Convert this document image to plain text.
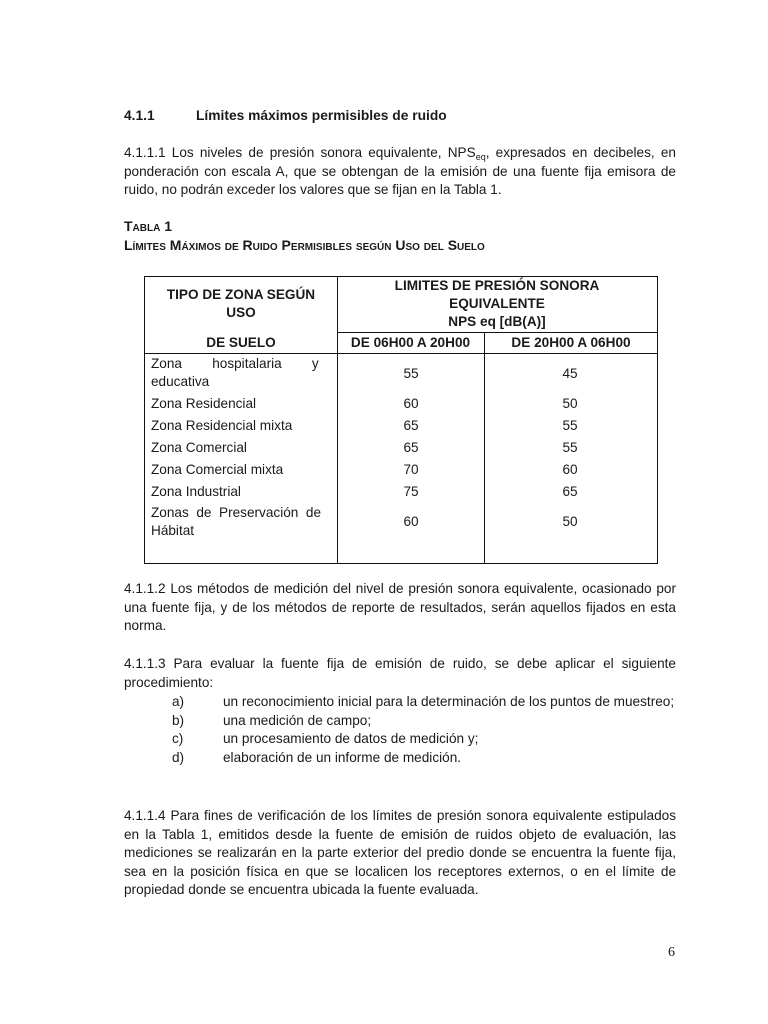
4.1.1	Límites máximos permisibles de ruido
4.1.1.1 Los niveles de presión sonora equivalente, $NPS_{eq}$, expresados en decibeles, en ponderación con escala A, que se obtengan de la emisión de una fuente fija emisora de ruido, no podrán exceder los valores que se fijan en la Tabla 1.
Tabla 1
Límites Máximos de Ruido Permisibles según Uso del Suelo
TIPO DE ZONA SEGÚN
USO
DE SUELO
LIMITES DE PRESIÓN SONORA
EQUIVALENTE
NPS eq [dB(A)]
DE 06H00 A 20H00	DE 20H00 A 06H00
Zona        hospitalaria        y
educativa
55	45
Zona Residencial	60	50
Zona Residencial mixta	65	55
Zona Comercial	65	55
Zona Comercial mixta	70	60
Zona Industrial	75	65
Zonas  de  Preservación  de
Hábitat
60	50
4.1.1.2 Los métodos de medición del nivel de presión sonora equivalente, ocasionado por una fuente fija, y de los métodos de reporte de resultados, serán aquellos fijados en esta norma.
4.1.1.3 Para evaluar la fuente fija de emisión de ruido, se debe aplicar el siguiente procedimiento:
a)	un reconocimiento inicial para la determinación de los puntos de muestreo;
b)	una medición de campo;
c)	un procesamiento de datos de medición y;
d)	elaboración de un informe de medición.
4.1.1.4 Para fines de verificación de los límites de presión sonora equivalente estipulados en la Tabla 1, emitidos desde la fuente de emisión de ruidos objeto de evaluación, las mediciones se realizarán en la parte exterior del predio donde se encuentra la fuente fija, sea en la posición física en que se localicen los receptores externos, o en el límite de propiedad donde se encuentra ubicada la fuente evaluada.
6
